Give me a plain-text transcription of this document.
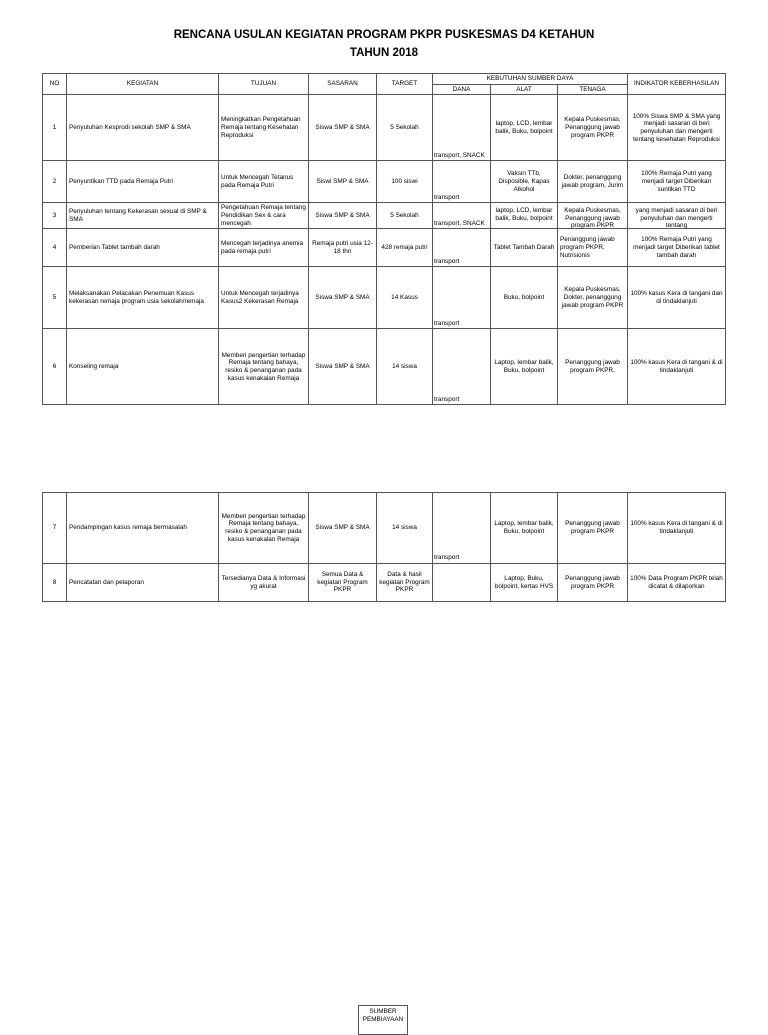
RENCANA USULAN KEGIATAN PROGRAM PKPR PUSKESMAS D4 KETAHUN
TAHUN 2018
NO	KEGIATAN	TUJUAN	SASARAN	TARGET	KEBUTUHAN SUMBER DAYA			INDIKATOR KEBERHASILAN
					DANA	ALAT	TENAGA	
1	Penyuluhan Kesprodi sekolah SMP & SMA	Meningkatkan Pengetahuan Remaja tentang Kesehatan Reproduksi	Siswa SMP & SMA	5 Sekolah	transport, SNACK	laptop, LCD, lembar balik, Buku, bolpoint	Kepala Puskesmas, Penanggung jawab program PKPR	100% Siswa SMP & SMA yang menjadi sasaran di beri penyuluhan dan mengerti tentang kesehatan Reproduksi
2	Penyuntikan TTD pada Remaja Putri	Untuk Mencegah Tetanus pada Remaja Putri	Siswi SMP & SMA	100 siswi	transport	Vaksin TTb, Disposible, Kapas Alkohol	Dokter, penanggung jawab program, Jurim	100% Remaja Putri yang menjadi target Diberikan suntikan TTD
3	Penyuluhan tentang Kekerasan sexual di SMP & SMA	Pengetahuan Remaja tentang Pendidikan Sex & cara mencegah	Siswa SMP & SMA	5 Sekolah	transport, SNACK	laptop, LCD, lembar balik, Buku, bolpoint	Kepala Puskesmas, Penanggung jawab program PKPR	yang menjadi sasaran di beri penyuluhan dan mengerti tentang

4	Pemberian Tablet tambah darah	Mencegah terjadinya anemia pada remaja putri	Remaja putri usia 12-18 thn	428 remaja putri	transport	Tablet Tambah Darah	Penanggung jawab program PKPR, Nutrisionis	100% Remaja Putri yang menjadi target Diberikan tablet tambah darah
5	Melaksanakan Pelacakan Penemuan Kasus kekerasan remaja program usia sekolah/remaja	Untuk Mencegah terjadinya Kasus2 Kekerasan Remaja	Siswa SMP & SMA	14 Kasus	transport	Buku, bolpoint	Kepala Puskesmas, Dokter, penanggung jawab program PKPR	100% kasus Kera di tangani dan di tindaklanjuti
6	Konseling remaja	Memberi pengertian terhadap Remaja tentang bahaya, resiko & penanganan pada kasus kenakalan Remaja	Siswa SMP & SMA	14 siswa	transport	Laptop, lembar balik, Buku, bolpoint	Penanggung jawab program PKPR,	100% kasus Kera di tangani & di tindaklanjuti
7	Pendampingan kasus remaja bermasalah	Memberi pengertian terhadap Remaja tentang bahaya, resiko & penanganan pada kasus kenakalan Remaja	Siswa SMP & SMA	14 siswa	transport	Laptop, lembar balik, Buku, bolpoint	Penanggung jawab program PKPR	100% kasus Kera di tangani & di tindaklanjuti
8	Pencatatan dan pelaporan	Tersedianya Data & Informasi yg akurat	Semua Data & kegiatan Program PKPR	Data & hasil kegiatan Program PKPR		Laptop, Buku, bolpoint, kertas HVS	Penanggung jawab program PKPR	100% Data Program PKPR telah dicatat & dilaporkan
SUMBER
PEMBIAYAAN
